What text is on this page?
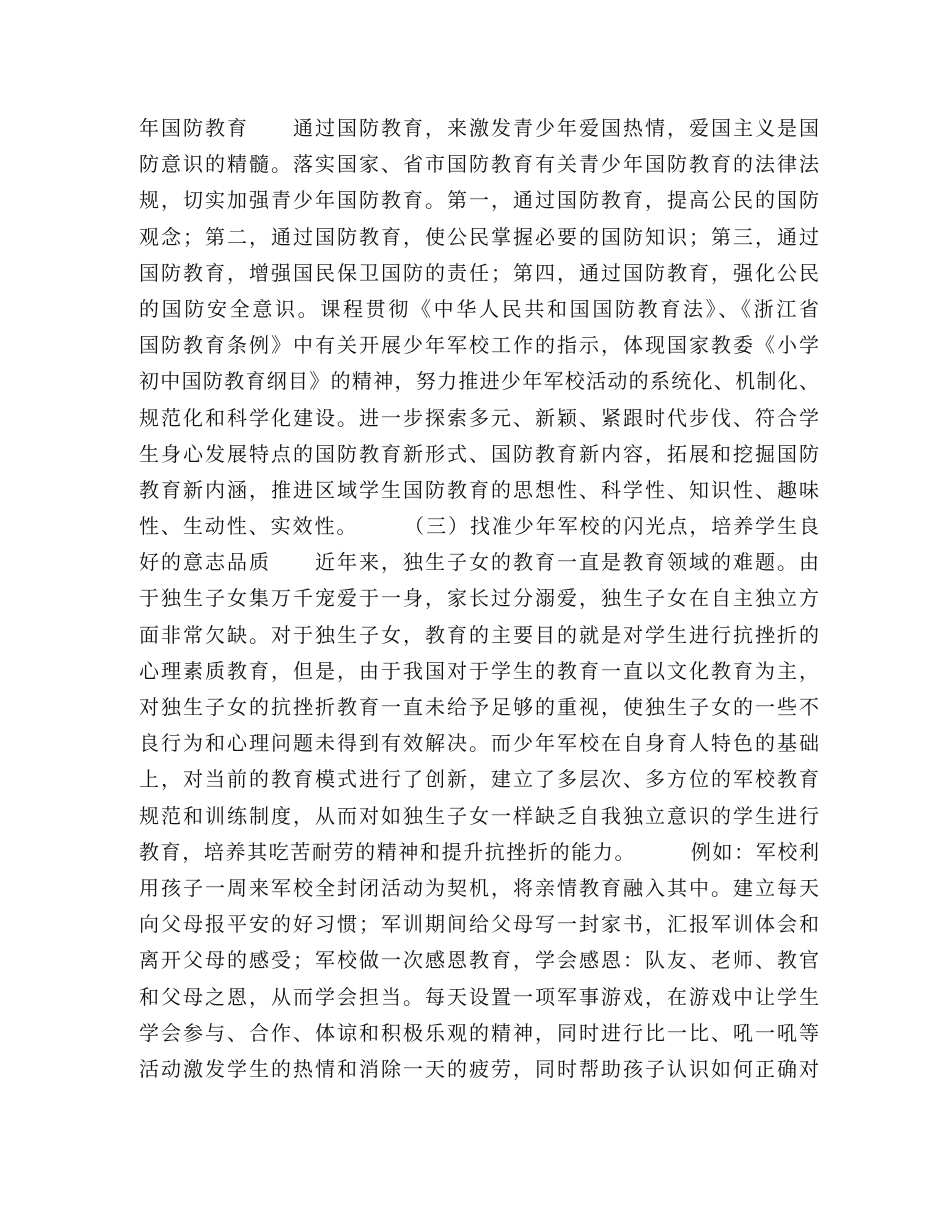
年国防教育　　通过国防教育，来激发青少年爱国热情，爱国主义是国
防意识的精髓。落实国家、省市国防教育有关青少年国防教育的法律法
规，切实加强青少年国防教育。第一，通过国防教育，提高公民的国防
观念；第二，通过国防教育，使公民掌握必要的国防知识；第三，通过
国防教育，增强国民保卫国防的责任；第四，通过国防教育，强化公民
的国防安全意识。课程贯彻《中华人民共和国国防教育法》、《浙江省
国防教育条例》中有关开展少年军校工作的指示，体现国家教委《小学
初中国防教育纲目》的精神，努力推进少年军校活动的系统化、机制化、
规范化和科学化建设。进一步探索多元、新颖、紧跟时代步伐、符合学
生身心发展特点的国防教育新形式、国防教育新内容，拓展和挖掘国防
教育新内涵，推进区域学生国防教育的思想性、科学性、知识性、趣味
性、生动性、实效性。　　　（三）找准少年军校的闪光点，培养学生良
好的意志品质　　近年来，独生子女的教育一直是教育领域的难题。由
于独生子女集万千宠爱于一身，家长过分溺爱，独生子女在自主独立方
面非常欠缺。对于独生子女，教育的主要目的就是对学生进行抗挫折的
心理素质教育，但是，由于我国对于学生的教育一直以文化教育为主，
对独生子女的抗挫折教育一直未给予足够的重视，使独生子女的一些不
良行为和心理问题未得到有效解决。而少年军校在自身育人特色的基础
上，对当前的教育模式进行了创新，建立了多层次、多方位的军校教育
规范和训练制度，从而对如独生子女一样缺乏自我独立意识的学生进行
教育，培养其吃苦耐劳的精神和提升抗挫折的能力。　　　例如：军校利
用孩子一周来军校全封闭活动为契机，将亲情教育融入其中。建立每天
向父母报平安的好习惯；军训期间给父母写一封家书，汇报军训体会和
离开父母的感受；军校做一次感恩教育，学会感恩：队友、老师、教官
和父母之恩，从而学会担当。每天设置一项军事游戏，在游戏中让学生
学会参与、合作、体谅和积极乐观的精神，同时进行比一比、吼一吼等
活动激发学生的热情和消除一天的疲劳，同时帮助孩子认识如何正确对
